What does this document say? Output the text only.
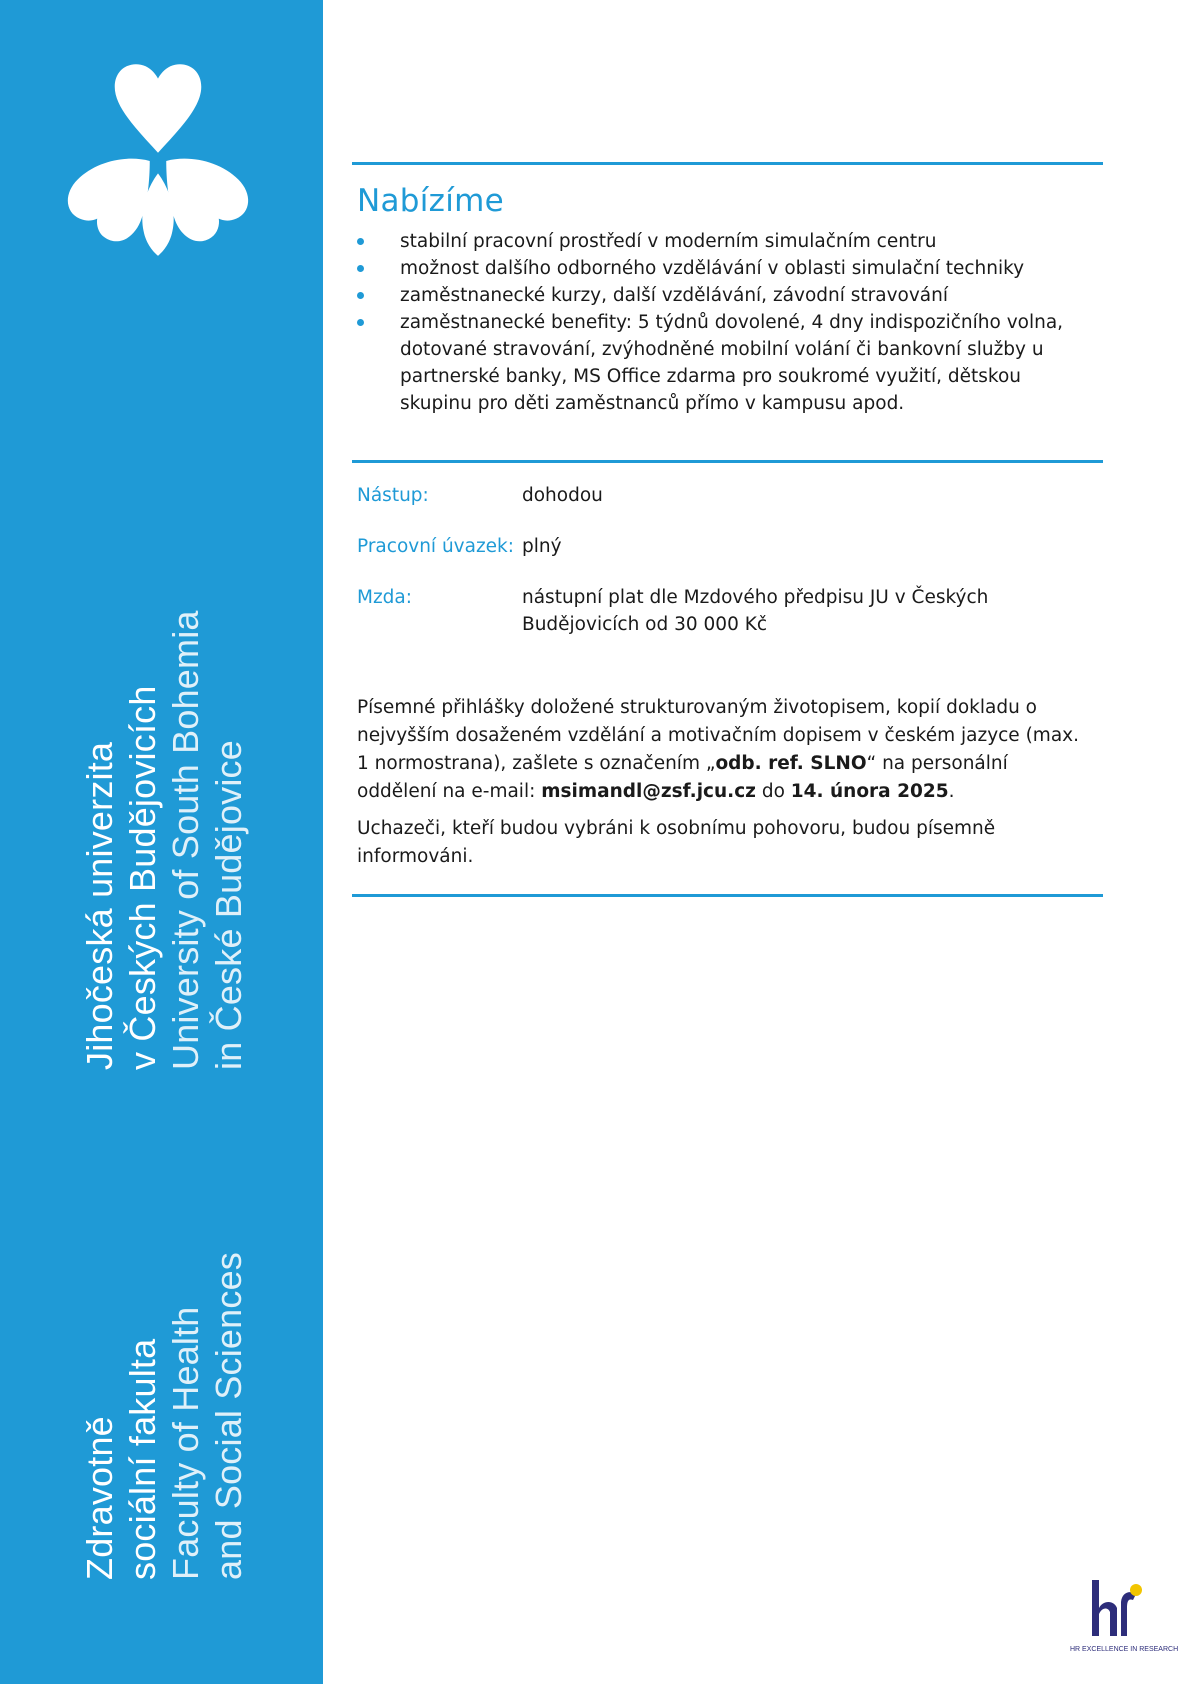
Zdravotně sociální fakulta Faculty of Health and Social Sciences
Jihočeská univerzita v Českých Budějovicích University of South Bohemia in České Budějovice
Nabízíme
stabilní pracovní prostředí v moderním simulačním centru
možnost dalšího odborného vzdělávání v oblasti simulační techniky
zaměstnanecké kurzy, další vzdělávání, závodní stravování
zaměstnanecké benefity: 5 týdnů dovolené, 4 dny indispozičního volna, dotované stravování, zvýhodněné mobilní volání či bankovní služby u partnerské banky, MS Office zdarma pro soukromé využití, dětskou skupinu pro děti zaměstnanců přímo v kampusu apod.
Nástup:	dohodou
Pracovní úvazek: plný
Mzda:	nástupní plat dle Mzdového předpisu JU v Českých Budějovicích od 30 000 Kč

Písemné přihlášky doložené strukturovaným životopisem, kopií dokladu o nejvyšším dosaženém vzdělání a motivačním dopisem v českém jazyce (max. 1 normostrana), zašlete s označením „odb. ref. SLNO“ na personální oddělení na e-mail: msimandl@zsf.jcu.cz do 14. února 2025.

Uchazeči, kteří budou vybráni k osobnímu pohovoru, budou písemně informováni.

HR EXCELLENCE IN RESEARCH
